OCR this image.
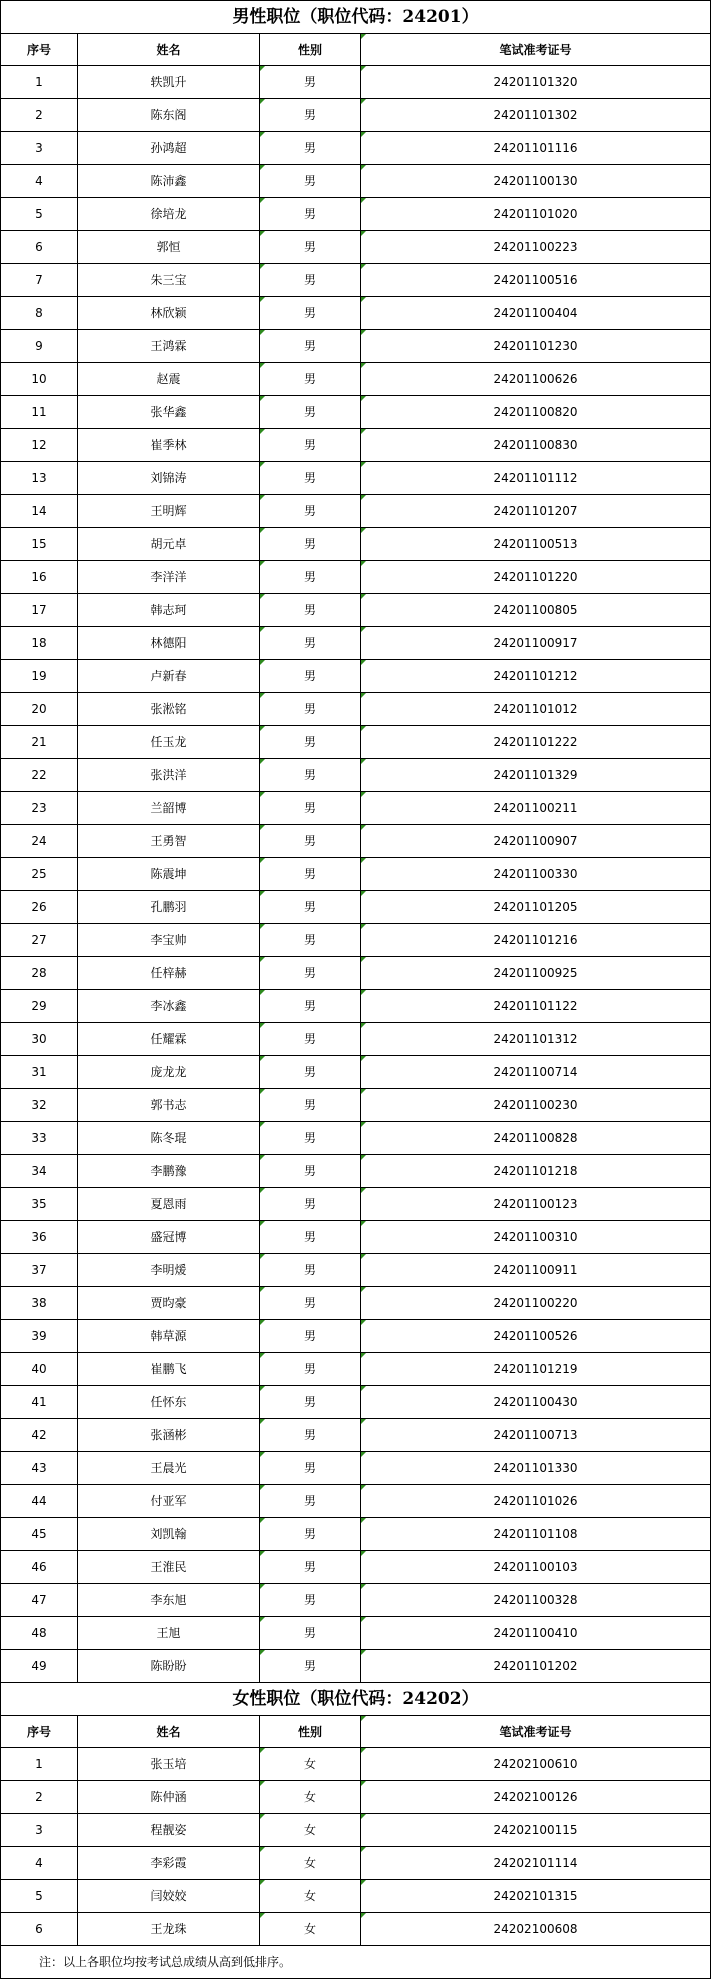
男性职位（职位代码：24201）			
序号	姓名	性别	笔试准考证号
1	轶凯升	男	24201101320
2	陈东阁	男	24201101302
3	孙鸿超	男	24201101116
4	陈沛鑫	男	24201100130
5	徐培龙	男	24201101020
6	郭恒	男	24201100223
7	朱三宝	男	24201100516
8	林欣颖	男	24201100404
9	王鸿霖	男	24201101230
10	赵震	男	24201100626
11	张华鑫	男	24201100820
12	崔季林	男	24201100830
13	刘锦涛	男	24201101112
14	王明辉	男	24201101207
15	胡元卓	男	24201100513
16	李洋洋	男	24201101220
17	韩志珂	男	24201100805
18	林德阳	男	24201100917
19	卢新春	男	24201101212
20	张淞铭	男	24201101012
21	任玉龙	男	24201101222
22	张洪洋	男	24201101329
23	兰韶博	男	24201100211
24	王勇智	男	24201100907
25	陈震坤	男	24201100330
26	孔鹏羽	男	24201101205
27	李宝帅	男	24201101216
28	任梓赫	男	24201100925
29	李冰鑫	男	24201101122
30	任耀霖	男	24201101312
31	庞龙龙	男	24201100714
32	郭书志	男	24201100230
33	陈冬琨	男	24201100828
34	李鹏豫	男	24201101218
35	夏恩雨	男	24201100123
36	盛冠博	男	24201100310
37	李明煖	男	24201100911
38	贾昀豪	男	24201100220
39	韩草源	男	24201100526
40	崔鹏飞	男	24201101219
41	任怀东	男	24201100430
42	张涵彬	男	24201100713
43	王晨光	男	24201101330
44	付亚军	男	24201101026
45	刘凯翰	男	24201101108
46	王淮民	男	24201100103
47	李东旭	男	24201100328
48	王旭	男	24201100410
49	陈盼盼	男	24201101202
女性职位（职位代码：24202）			
序号	姓名	性别	笔试准考证号
1	张玉培	女	24202100610
2	陈仲涵	女	24202100126
3	程靓姿	女	24202100115
4	李彩霞	女	24202101114
5	闫姣姣	女	24202101315
6	王龙珠	女	24202100608
注：以上各职位均按考试总成绩从高到低排序。			
